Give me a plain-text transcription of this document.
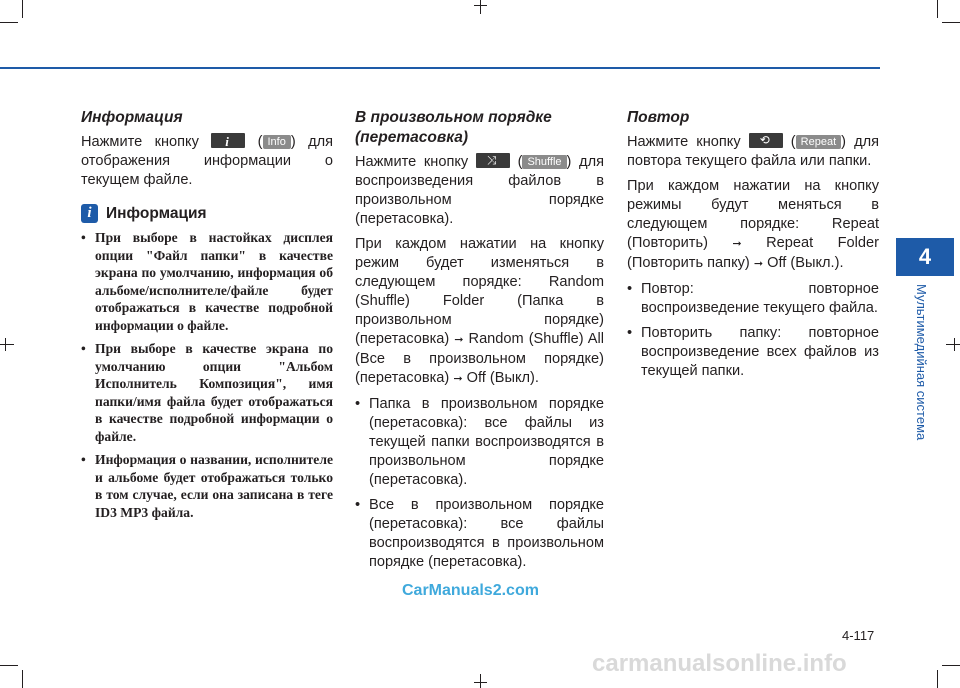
Информация

Нажмите кнопку i ( Info ) для отображения информации о текущем файле.

i Информация
• При выборе в настойках дисплея опции "Файл папки" в качестве экрана по умолчанию, информация об альбоме/исполнителе/файле будет отображаться в качестве подробной информации о файле.
• При выборе в качестве экрана по умолчанию опции "Альбом Исполнитель Композиция", имя папки/имя файла будет отображаться в качестве подробной информации о файле.
• Информация о названии, исполнителе и альбоме будет отображаться только в том случае, если она записана в теге ID3 MP3 файла.
В произвольном порядке (перетасовка)

Нажмите кнопку ⤨ ( Shuffle ) для воспроизведения файлов в произвольном порядке (перетасовка).

При каждом нажатии на кнопку режим будет изменяться в следующем порядке: Random (Shuffle) Folder (Папка в произвольном порядке) (перетасовка) ➞ Random (Shuffle) All (Все в произвольном порядке) (перетасовка) ➞ Off (Выкл).

• Папка в произвольном порядке (перетасовка): все файлы из текущей папки воспроизводятся в произвольном порядке (перетасовка).
• Все в произвольном порядке (перетасовка): все файлы воспроизводятся в произвольном порядке (перетасовка).
Повтор

Нажмите кнопку ⟲ ( Repeat ) для повтора текущего файла или папки.

При каждом нажатии на кнопку режимы будут меняться в следующем порядке: Repeat (Повторить) ➞ Repeat Folder (Повторить папку) ➞ Off (Выкл.).

• Повтор: повторное воспроизведение текущего файла.
• Повторить папку: повторное воспроизведение всех файлов из текущей папки.
4
Мультимедийная система
CarManuals2.com
4-117
carmanualsonline.info
